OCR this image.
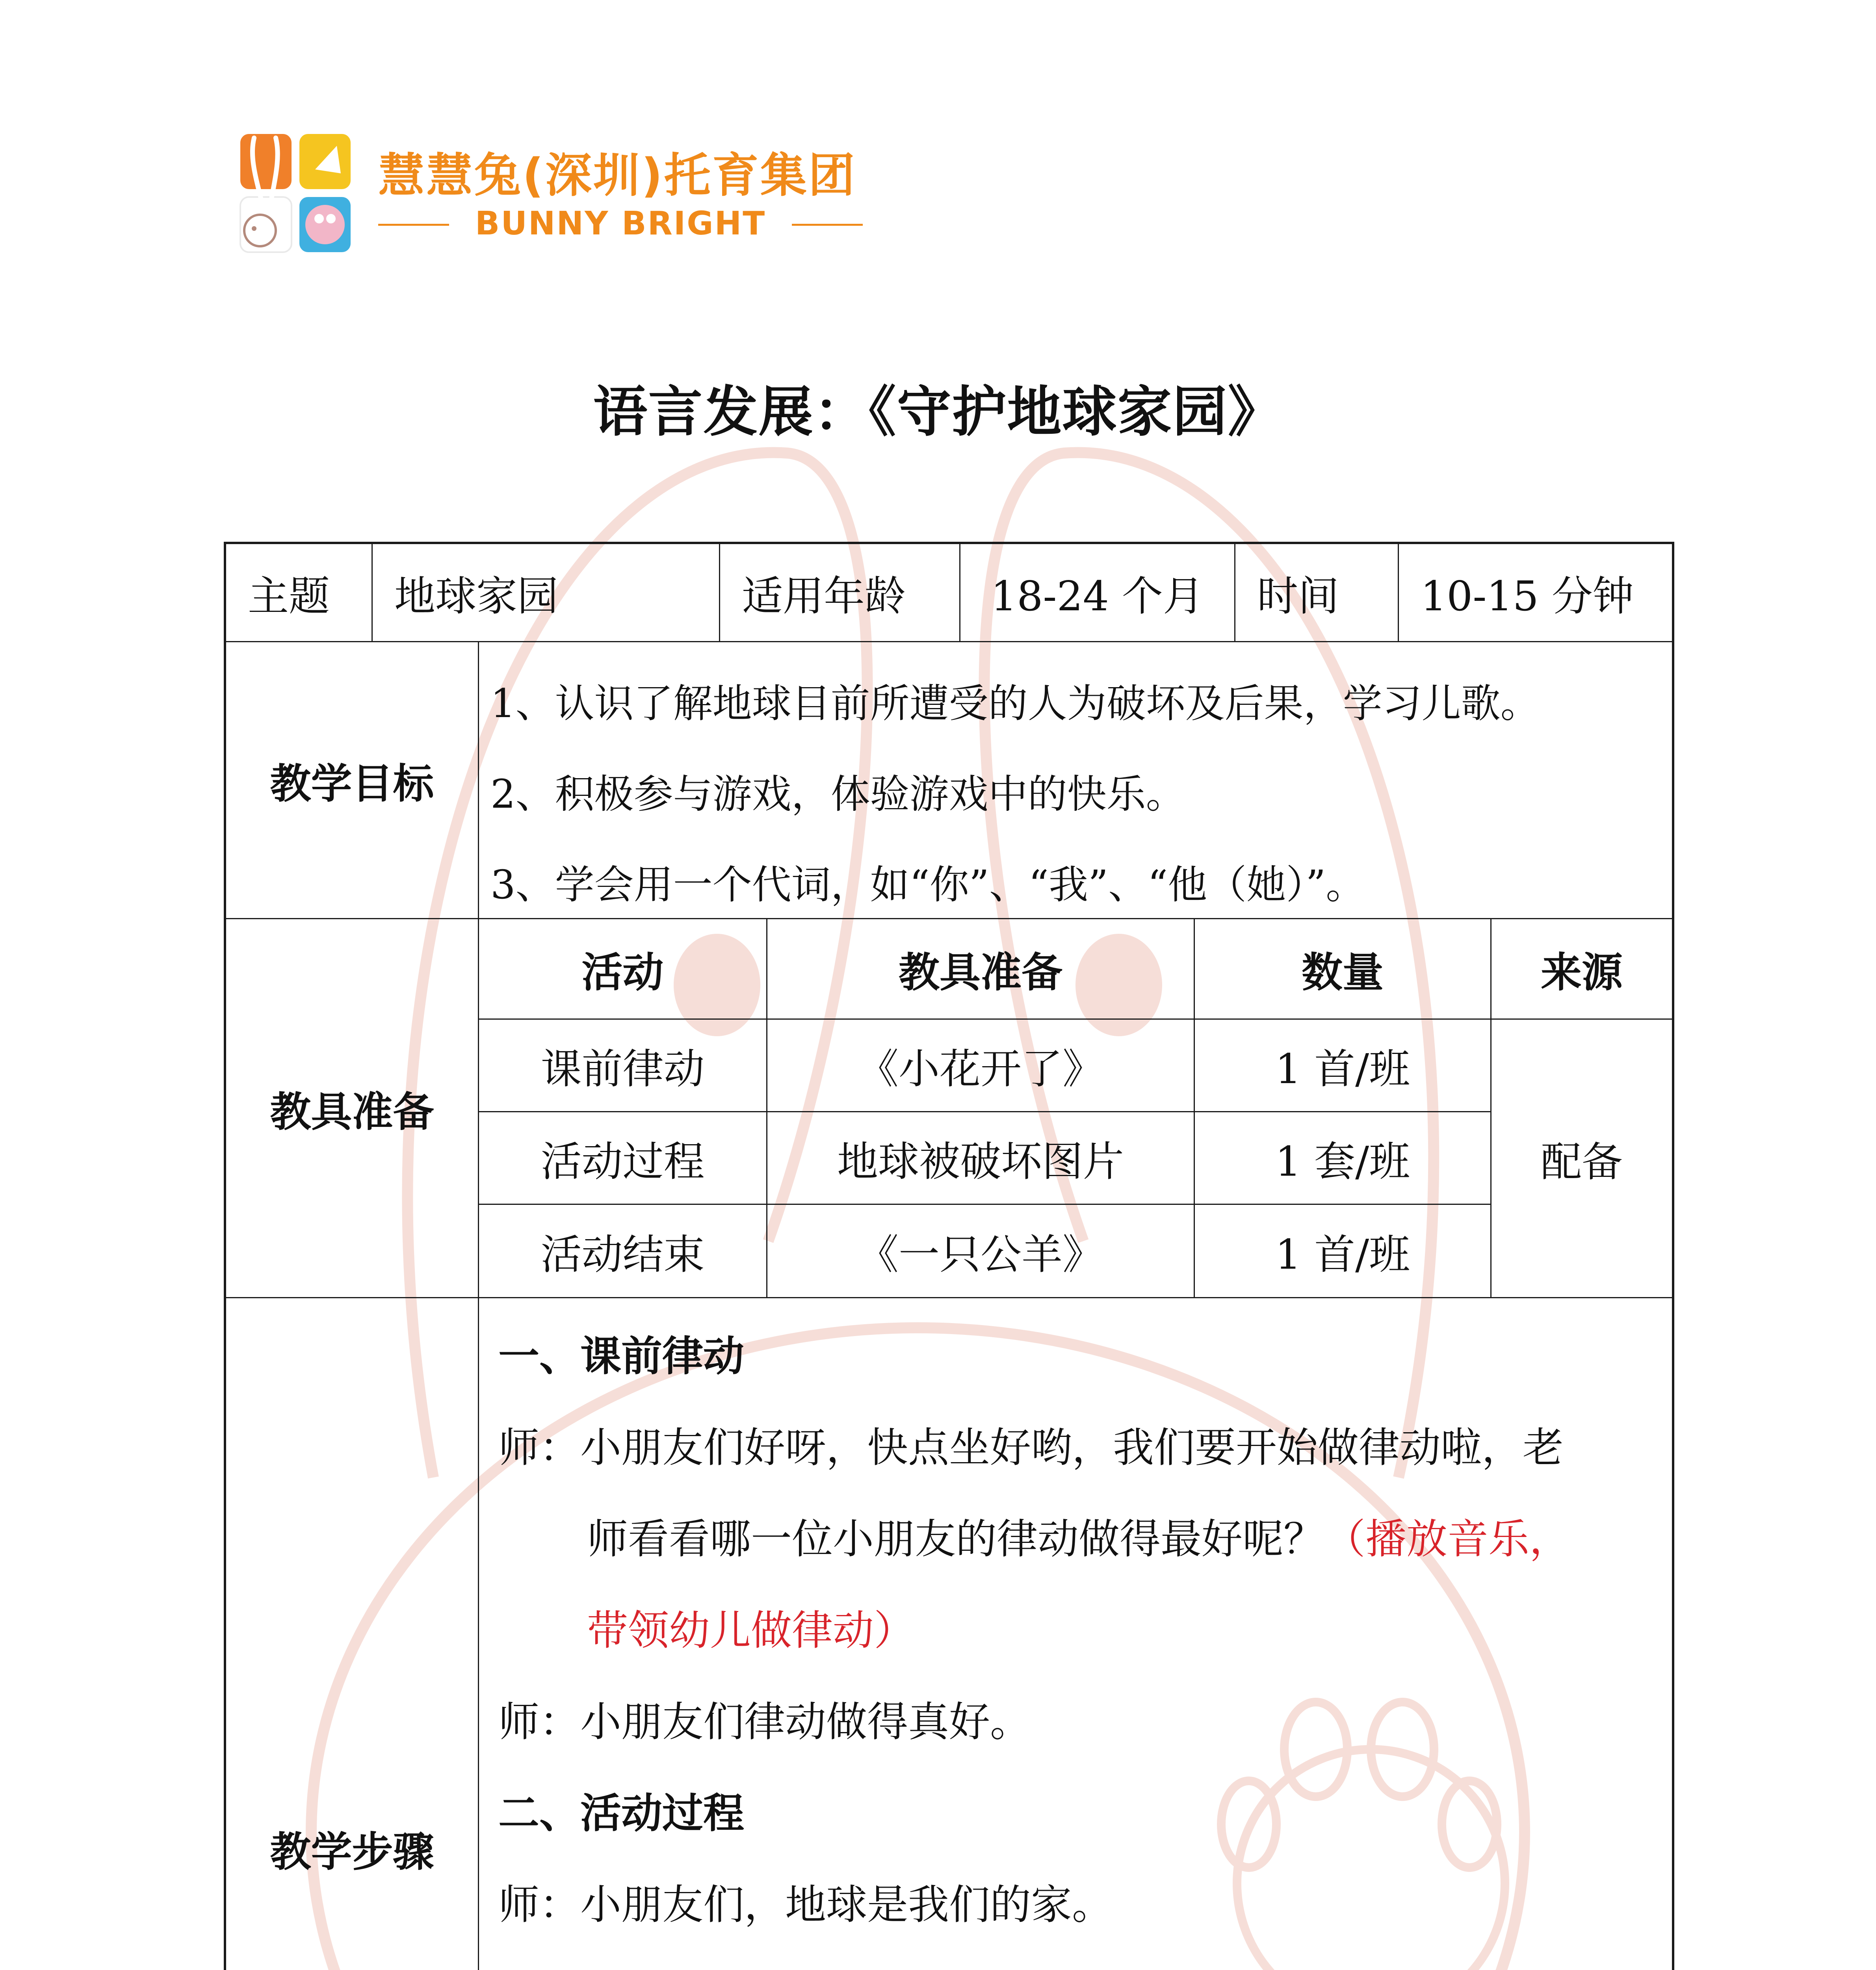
慧慧兔(深圳)托育集团
BUNNY BRIGHT
语言发展：《守护地球家园》
主题	地球家园	适用年龄	18-24 个月	时间	10-15 分钟
教学目标
1、认识了解地球目前所遭受的人为破坏及后果，学习儿歌。
2、积极参与游戏，体验游戏中的快乐。
3、学会用一个代词，如“你”、“我”、“他（她）”。
教具准备
活动	教具准备	数量	来源
课前律动	《小花开了》	1 首/班
活动过程	地球被破坏图片	1 套/班
活动结束	《一只公羊》	1 首/班
配备
教学步骤
一、课前律动
师：小朋友们好呀，快点坐好哟，我们要开始做律动啦，老
师看看哪一位小朋友的律动做得最好呢？（播放音乐，
带领幼儿做律动）
师：小朋友们律动做得真好。
二、活动过程
师：小朋友们，地球是我们的家。
